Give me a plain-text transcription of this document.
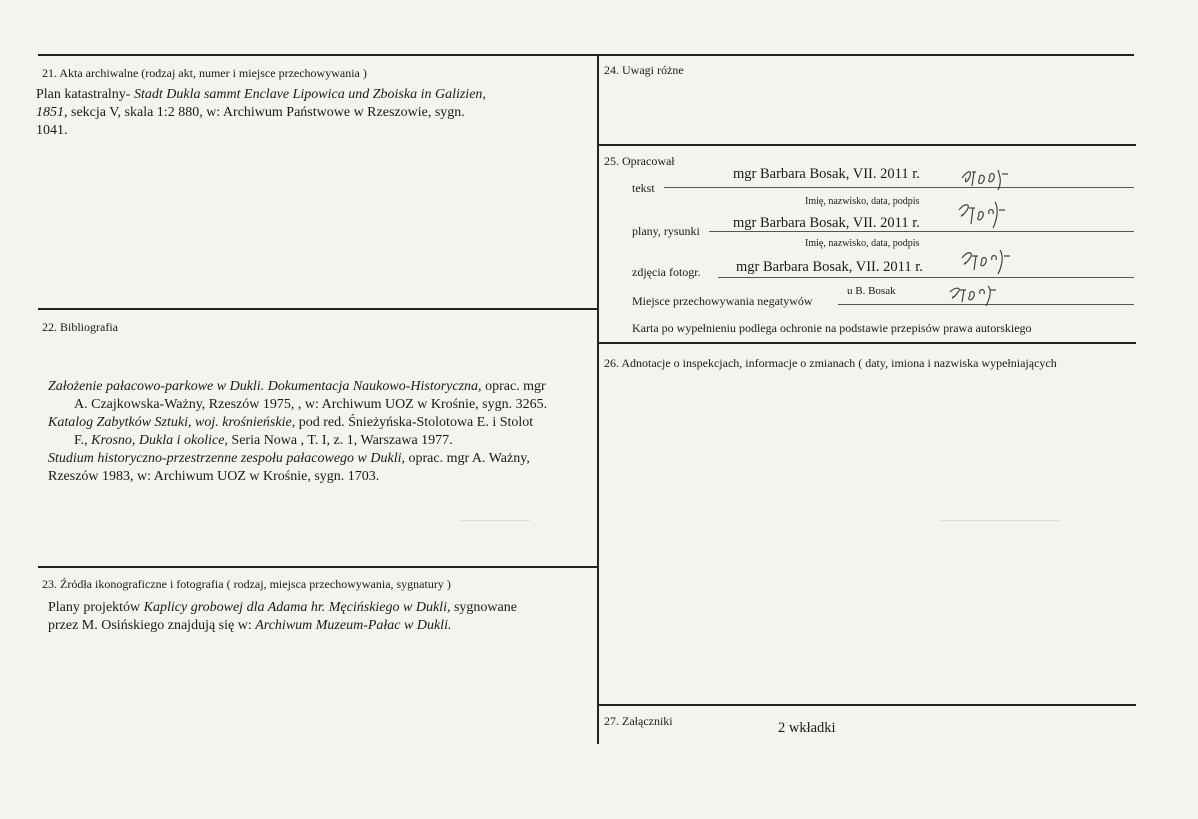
21. Akta archiwalne (rodzaj akt, numer i miejsce przechowywania )
Plan katastralny- Stadt Dukla sammt Enclave Lipowica und Zboiska in Galizien,
1851, sekcja V, skala 1:2 880, w: Archiwum Państwowe w Rzeszowie, sygn.
1041.
22. Bibliografia
Założenie pałacowo-parkowe w Dukli. Dokumentacja Naukowo-Historyczna, oprac. mgr
A. Czajkowska-Ważny, Rzeszów 1975, , w: Archiwum UOZ w Krośnie, sygn. 3265.
Katalog Zabytków Sztuki, woj. krośnieńskie, pod red. Śnieżyńska-Stolotowa E. i Stolot
F., Krosno, Dukla i okolice, Seria Nowa , T. I, z. 1, Warszawa 1977.
Studium historyczno-przestrzenne zespołu pałacowego w Dukli, oprac. mgr A. Ważny,
Rzeszów 1983, w: Archiwum UOZ w Krośnie, sygn. 1703.
23. Źródła ikonograficzne i fotografia ( rodzaj, miejsca przechowywania, sygnatury )
Plany projektów Kaplicy grobowej dla Adama hr. Męcińskiego w Dukli, sygnowane
przez M. Osińskiego znajdują się w: Archiwum Muzeum-Pałac w Dukli.
24. Uwagi różne
25. Opracował
tekst
mgr Barbara Bosak, VII. 2011 r.
Imię, nazwisko, data, podpis
plany, rysunki mgr Barbara Bosak, VII. 2011 r.
Imię, nazwisko, data, podpis
zdjęcia fotogr. mgr Barbara Bosak, VII. 2011 r.
Miejsce przechowywania negatywów
u B. Bosak
Karta po wypełnieniu podlega ochronie na podstawie przepisów prawa autorskiego
26. Adnotacje o inspekcjach, informacje o zmianach ( daty, imiona i nazwiska wypełniających
27. Załączniki	2 wkładki
